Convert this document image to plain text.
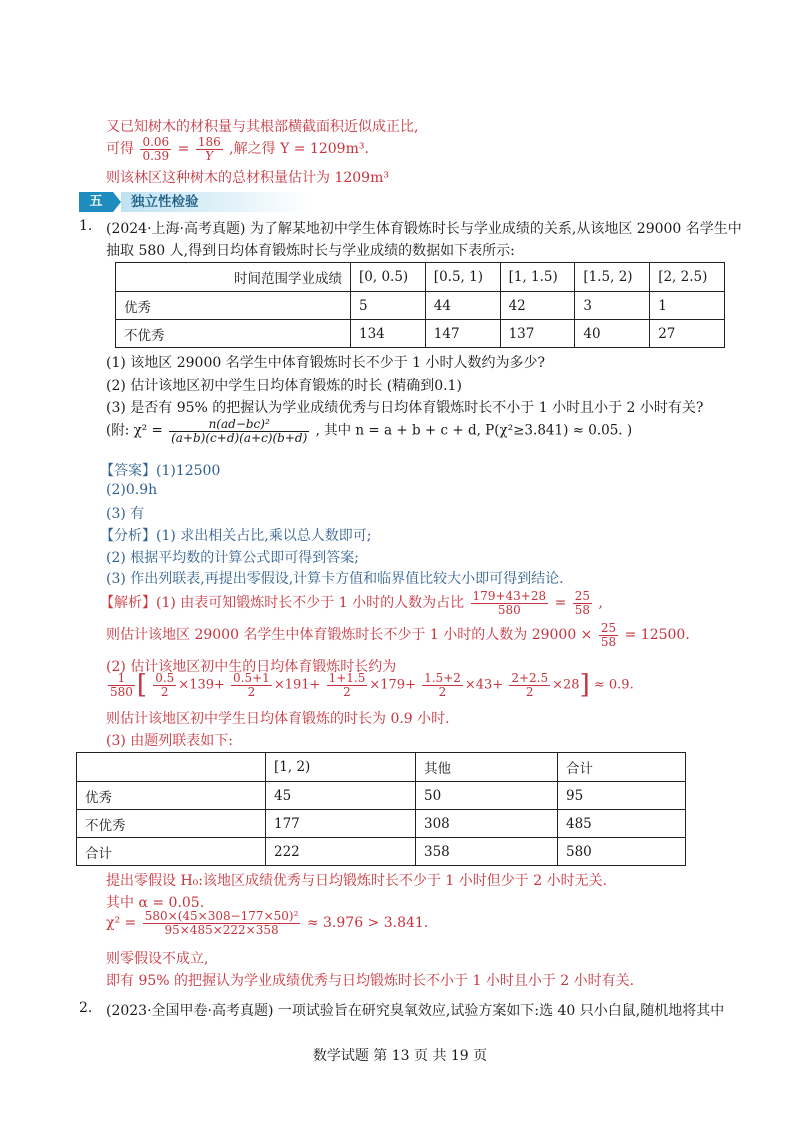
又已知树木的材积量与其根部横截面积近似成正比,
可得 $\frac{0.06}{0.39} = \frac{186}{Y}$ ,解之得 Y = 1209m³.
则该林区这种树木的总材积量估计为 1209m³
五	独立性检验
1. (2024·上海·高考真题) 为了解某地初中学生体育锻炼时长与学业成绩的关系,从该地区 29000 名学生中
抽取 580 人,得到日均体育锻炼时长与学业成绩的数据如下表所示:
时间范围学业成绩	[0, 0.5)	[0.5, 1)	[1, 1.5)	[1.5, 2)	[2, 2.5)
优秀	5	44	42	3	1
不优秀	134	147	137	40	27
(1) 该地区 29000 名学生中体育锻炼时长不少于 1 小时人数约为多少?
(2) 估计该地区初中学生日均体育锻炼的时长 (精确到0.1)
(3) 是否有 95% 的把握认为学业成绩优秀与日均体育锻炼时长不小于 1 小时且小于 2 小时有关?
(附: $\chi^2 = \frac{\text{n(ad−bc)²}}{(a+b)(c+d)(a+c)(b+d)}$ , 其中 n = a + b + c + d, P(χ²≥3.841) ≈ 0.05. )
【答案】(1)12500
(2)0.9h
(3) 有
【分析】(1) 求出相关占比,乘以总人数即可;
(2) 根据平均数的计算公式即可得到答案;
(3) 作出列联表,再提出零假设,计算卡方值和临界值比较大小即可得到结论.
【解析】(1) 由表可知锻炼时长不少于 1 小时的人数为占比 $\frac{179+43+28}{580} = \frac{25}{58}$ ,
则估计该地区 29000 名学生中体育锻炼时长不少于 1 小时的人数为 $29000 \times \frac{25}{58} = 12500$.
(2) 估计该地区初中生的日均体育锻炼时长约为
$\frac{1}{580}$ [ $\frac{0.5}{2} \times 139+ \frac{0.5+1}{2} \times 191+ \frac{1+1.5}{2} \times 179+ \frac{1.5+2}{2} \times 43+ \frac{2+2.5}{2} \times 28] \approx 0.9$.
则估计该地区初中学生日均体育锻炼的时长为 0.9 小时.
(3) 由题列联表如下:
	[1, 2)	其他	合计
优秀	45	50	95
不优秀	177	308	485
合计	222	358	580
提出零假设 H₀:该地区成绩优秀与日均锻炼时长不少于 1 小时但少于 2 小时无关.
其中 α = 0.05.
$\chi^2 = \frac{\text{580×(45×308−177×50)²}}{95\times 485\times 222\times 358} \approx 3.976 > 3.841$.
则零假设不成立,
即有 95% 的把握认为学业成绩优秀与日均锻炼时长不小于 1 小时且小于 2 小时有关.
2. (2023·全国甲卷·高考真题) 一项试验旨在研究臭氧效应,试验方案如下:选 40 只小白鼠,随机地将其中
数学试题 第 13 页 共 19 页
